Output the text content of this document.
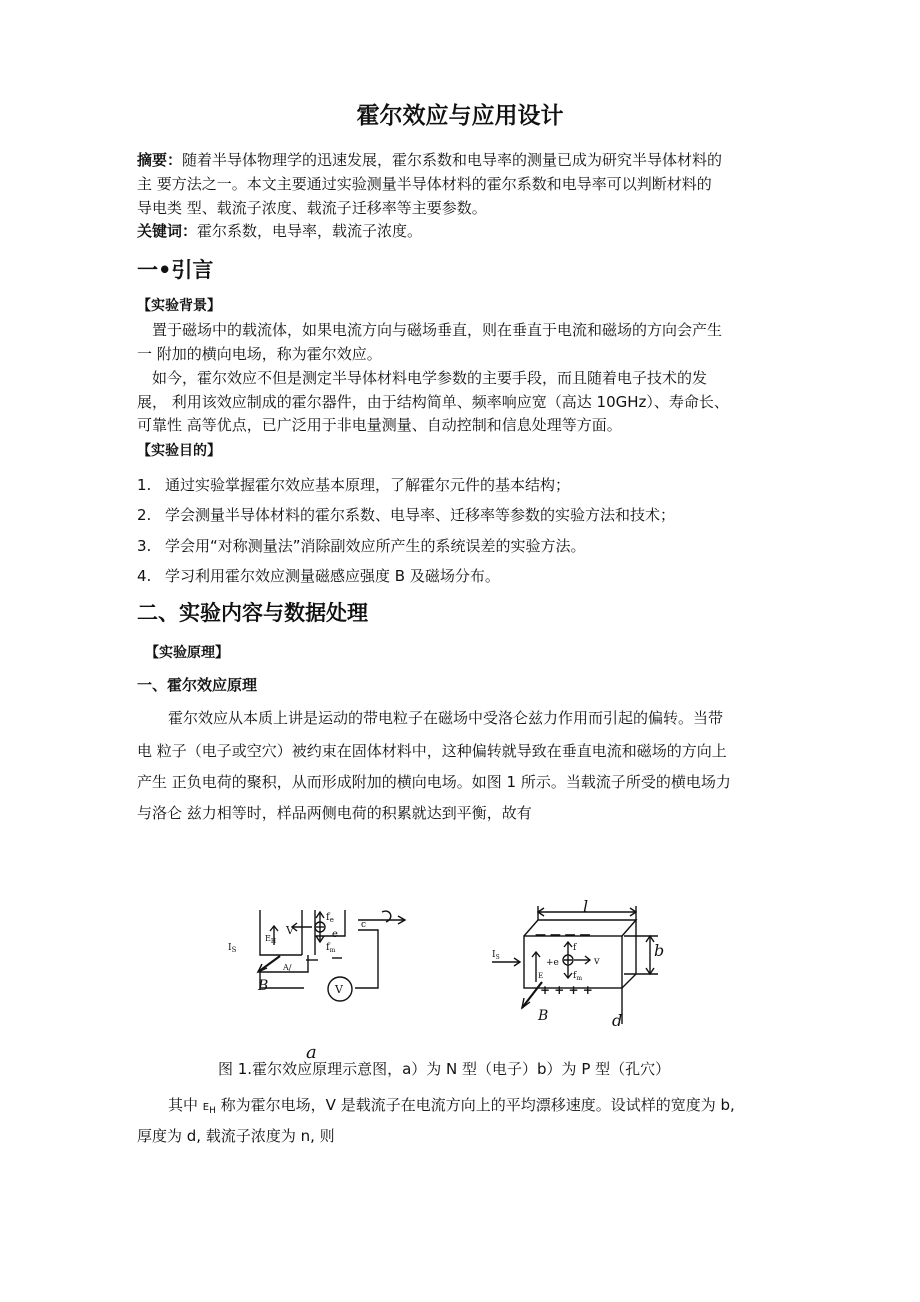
霍尔效应与应用设计
摘要：随着半导体物理学的迅速发展，霍尔系数和电导率的测量已成为研究半导体材料的
主 要方法之一。本文主要通过实验测量半导体材料的霍尔系数和电导率可以判断材料的
导电类 型、载流子浓度、载流子迁移率等主要参数。
关键词：霍尔系数，电导率，载流子浓度。
一•引言
【实验背景】
置于磁场中的载流体，如果电流方向与磁场垂直，则在垂直于电流和磁场的方向会产生
一 附加的横向电场，称为霍尔效应。
如今，霍尔效应不但是测定半导体材料电学参数的主要手段，而且随着电子技术的发
展， 利用该效应制成的霍尔器件，由于结构简单、频率响应宽（高达 10GHz）、寿命长、
可靠性 高等优点，已广泛用于非电量测量、自动控制和信息处理等方面。
【实验目的】
1. 通过实验掌握霍尔效应基本原理，了解霍尔元件的基本结构；
2. 学会测量半导体材料的霍尔系数、电导率、迁移率等参数的实验方法和技术；
3. 学会用“对称测量法”消除副效应所产生的系统误差的实验方法。
4. 学习利用霍尔效应测量磁感应强度 B 及磁场分布。
二、实验内容与数据处理
【实验原理】
一、霍尔效应原理
霍尔效应从本质上讲是运动的带电粒子在磁场中受洛仑兹力作用而引起的偏转。当带
电 粒子（电子或空穴）被约束在固体材料中，这种偏转就导致在垂直电流和磁场的方向上
产生 正负电荷的聚积，从而形成附加的横向电场。如图 1 所示。当载流子所受的横电场力
与洛仑 兹力相等时，样品两侧电荷的积累就达到平衡，故有
$I_S$
$E_H$
V
$f_e$
e
$f_m$
c
A/
B	V
a
l
b
d
$I_S$
f
+e	v
E	$f_m$
— — — —
+ + + +
B
图 1.霍尔效应原理示意图，a）为 N 型（电子）b）为 P 型（孔穴）
其中 $E_H$ 称为霍尔电场，V 是载流子在电流方向上的平均漂移速度。设试样的宽度为 b,
厚度为 d, 载流子浓度为 n, 则
